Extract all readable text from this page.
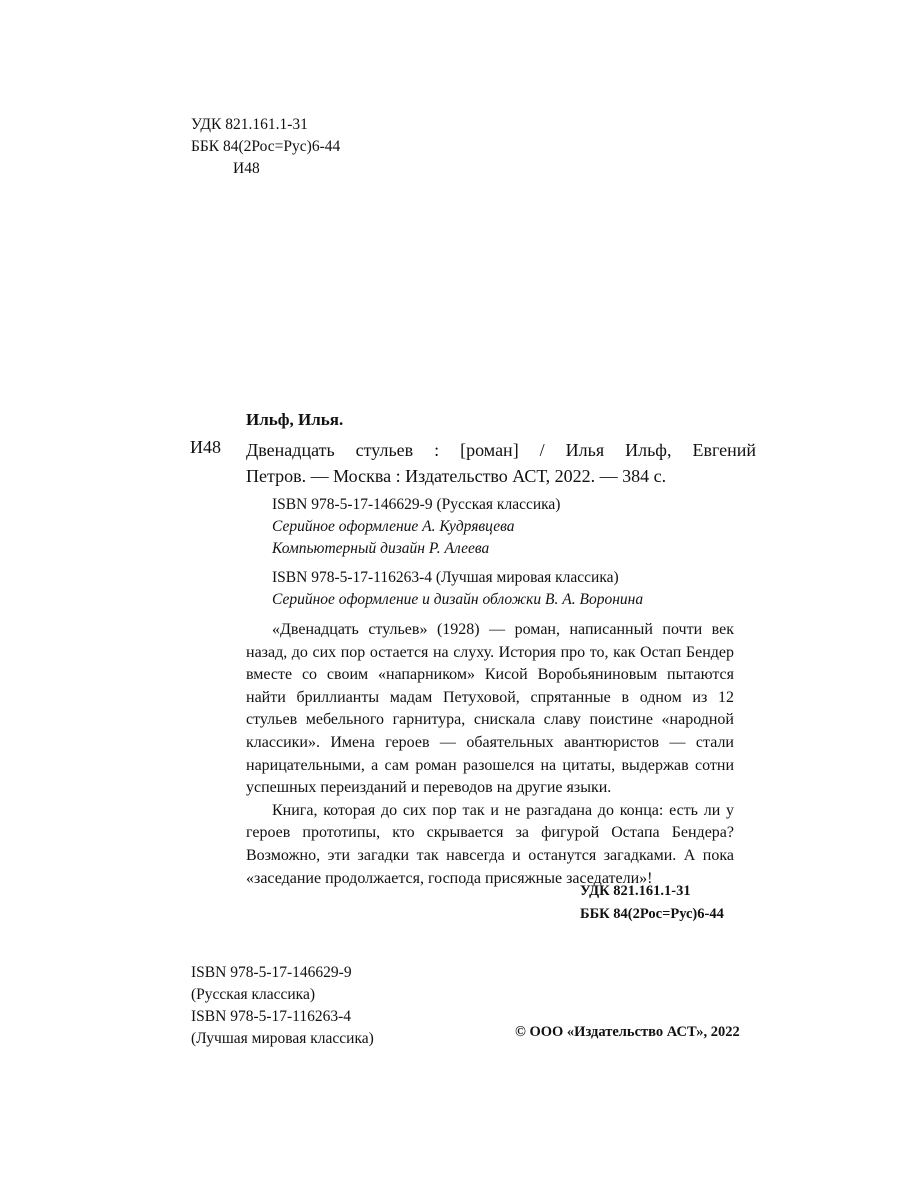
УДК 821.161.1-31
ББК 84(2Рос=Рус)6-44
И48
Ильф, Илья.
И48 Двенадцать стульев : [роман] / Илья Ильф, Евгений
Петров. — Москва : Издательство АСТ, 2022. — 384 с.
ISBN 978-5-17-146629-9 (Русская классика)
Серийное оформление А. Кудрявцева
Компьютерный дизайн Р. Алеева
ISBN 978-5-17-116263-4 (Лучшая мировая классика)
Серийное оформление и дизайн обложки В. А. Воронина

«Двенадцать стульев» (1928) — роман, написанный почти век назад, до сих пор остается на слуху. История про то, как Остап Бендер вместе со своим «напарником» Кисой Воробьяниновым пытаются найти бриллианты мадам Петуховой, спрятанные в одном из 12 стульев мебельного гарнитура, снискала славу поистине «народной классики». Имена героев — обаятельных авантюристов — стали нарицательными, а сам роман разошелся на цитаты, выдержав сотни успешных переизданий и переводов на другие языки.

Книга, которая до сих пор так и не разгадана до конца: есть ли у героев прототипы, кто скрывается за фигурой Остапа Бендера? Возможно, эти загадки так навсегда и останутся загадками. А пока «заседание продолжается, господа присяжные заседатели»!

УДК 821.161.1-31
ББК 84(2Рос=Рус)6-44
ISBN 978-5-17-146629-9
(Русская классика)
ISBN 978-5-17-116263-4
(Лучшая мировая классика)	© ООО «Издательство АСТ», 2022
